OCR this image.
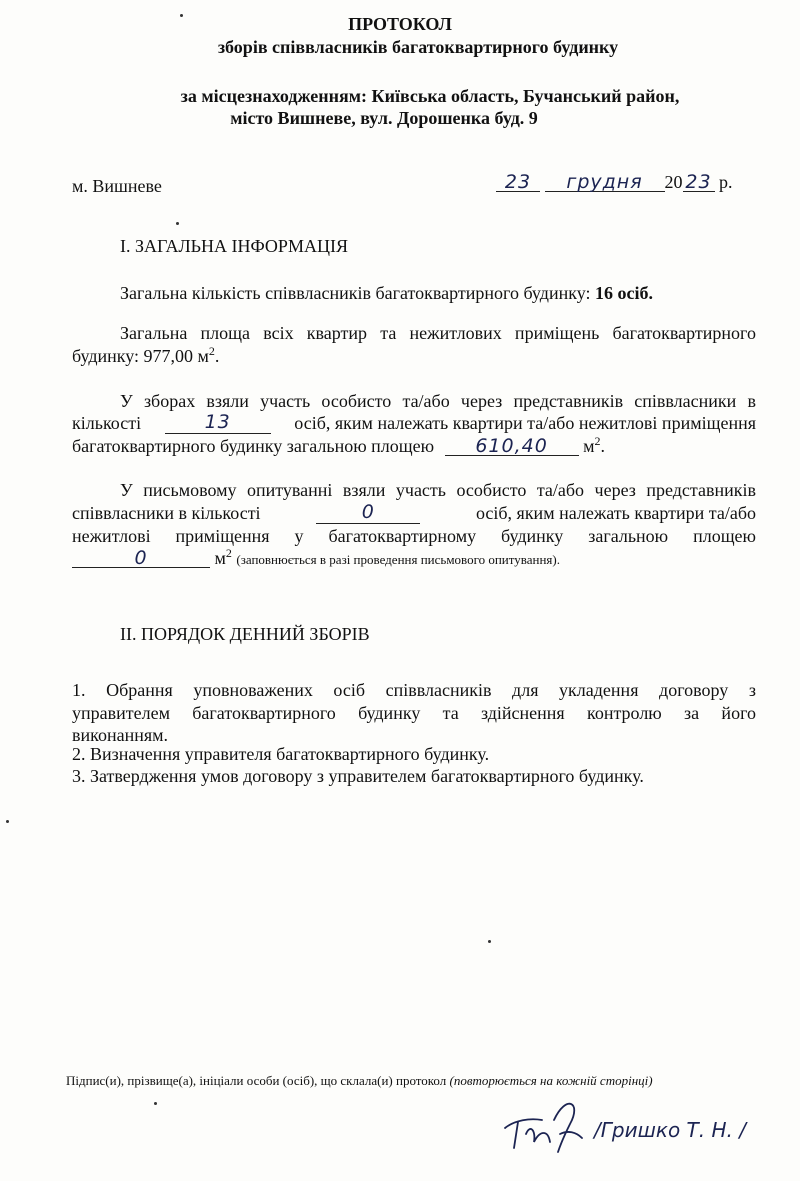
ПРОТОКОЛ
зборів співвласників багатоквартирного будинку
за місцезнаходженням: Київська область, Бучанський район,
місто Вишневе, вул. Дорошенка буд. 9
м. Вишневе	23 грудня 20 23 р.
I. ЗАГАЛЬНА ІНФОРМАЦІЯ
Загальна кількість співвласників багатоквартирного будинку: 16 осіб.
Загальна площа всіх квартир та нежитлових приміщень багатоквартирного
будинку: 977,00 $м^2$.
У зборах взяли участь особисто та/або через представників співвласники в
кількості	13	осіб, яким належать квартири та/або нежитлові приміщення
багатоквартирного будинку загальною площею 610,40 $м^2$.
У письмовому опитуванні взяли участь особисто та/або через представників
співвласники в кількості	0	осіб, яким належать квартири та/або
нежитлові приміщення у багатоквартирному будинку загальною площею
0	$м^2$ (заповнюється в разі проведення письмового опитування).
II. ПОРЯДОК ДЕННИЙ ЗБОРІВ
1. Обрання уповноважених осіб співвласників для укладення договору з
управителем багатоквартирного будинку та здійснення контролю за його
виконанням.
2. Визначення управителя багатоквартирного будинку.
3. Затвердження умов договору з управителем багатоквартирного будинку.
Підпис(и), прізвище(а), ініціали особи (осіб), що склала(и) протокол (повторюється на кожній сторінці)
/Гришко Т. Н. /
